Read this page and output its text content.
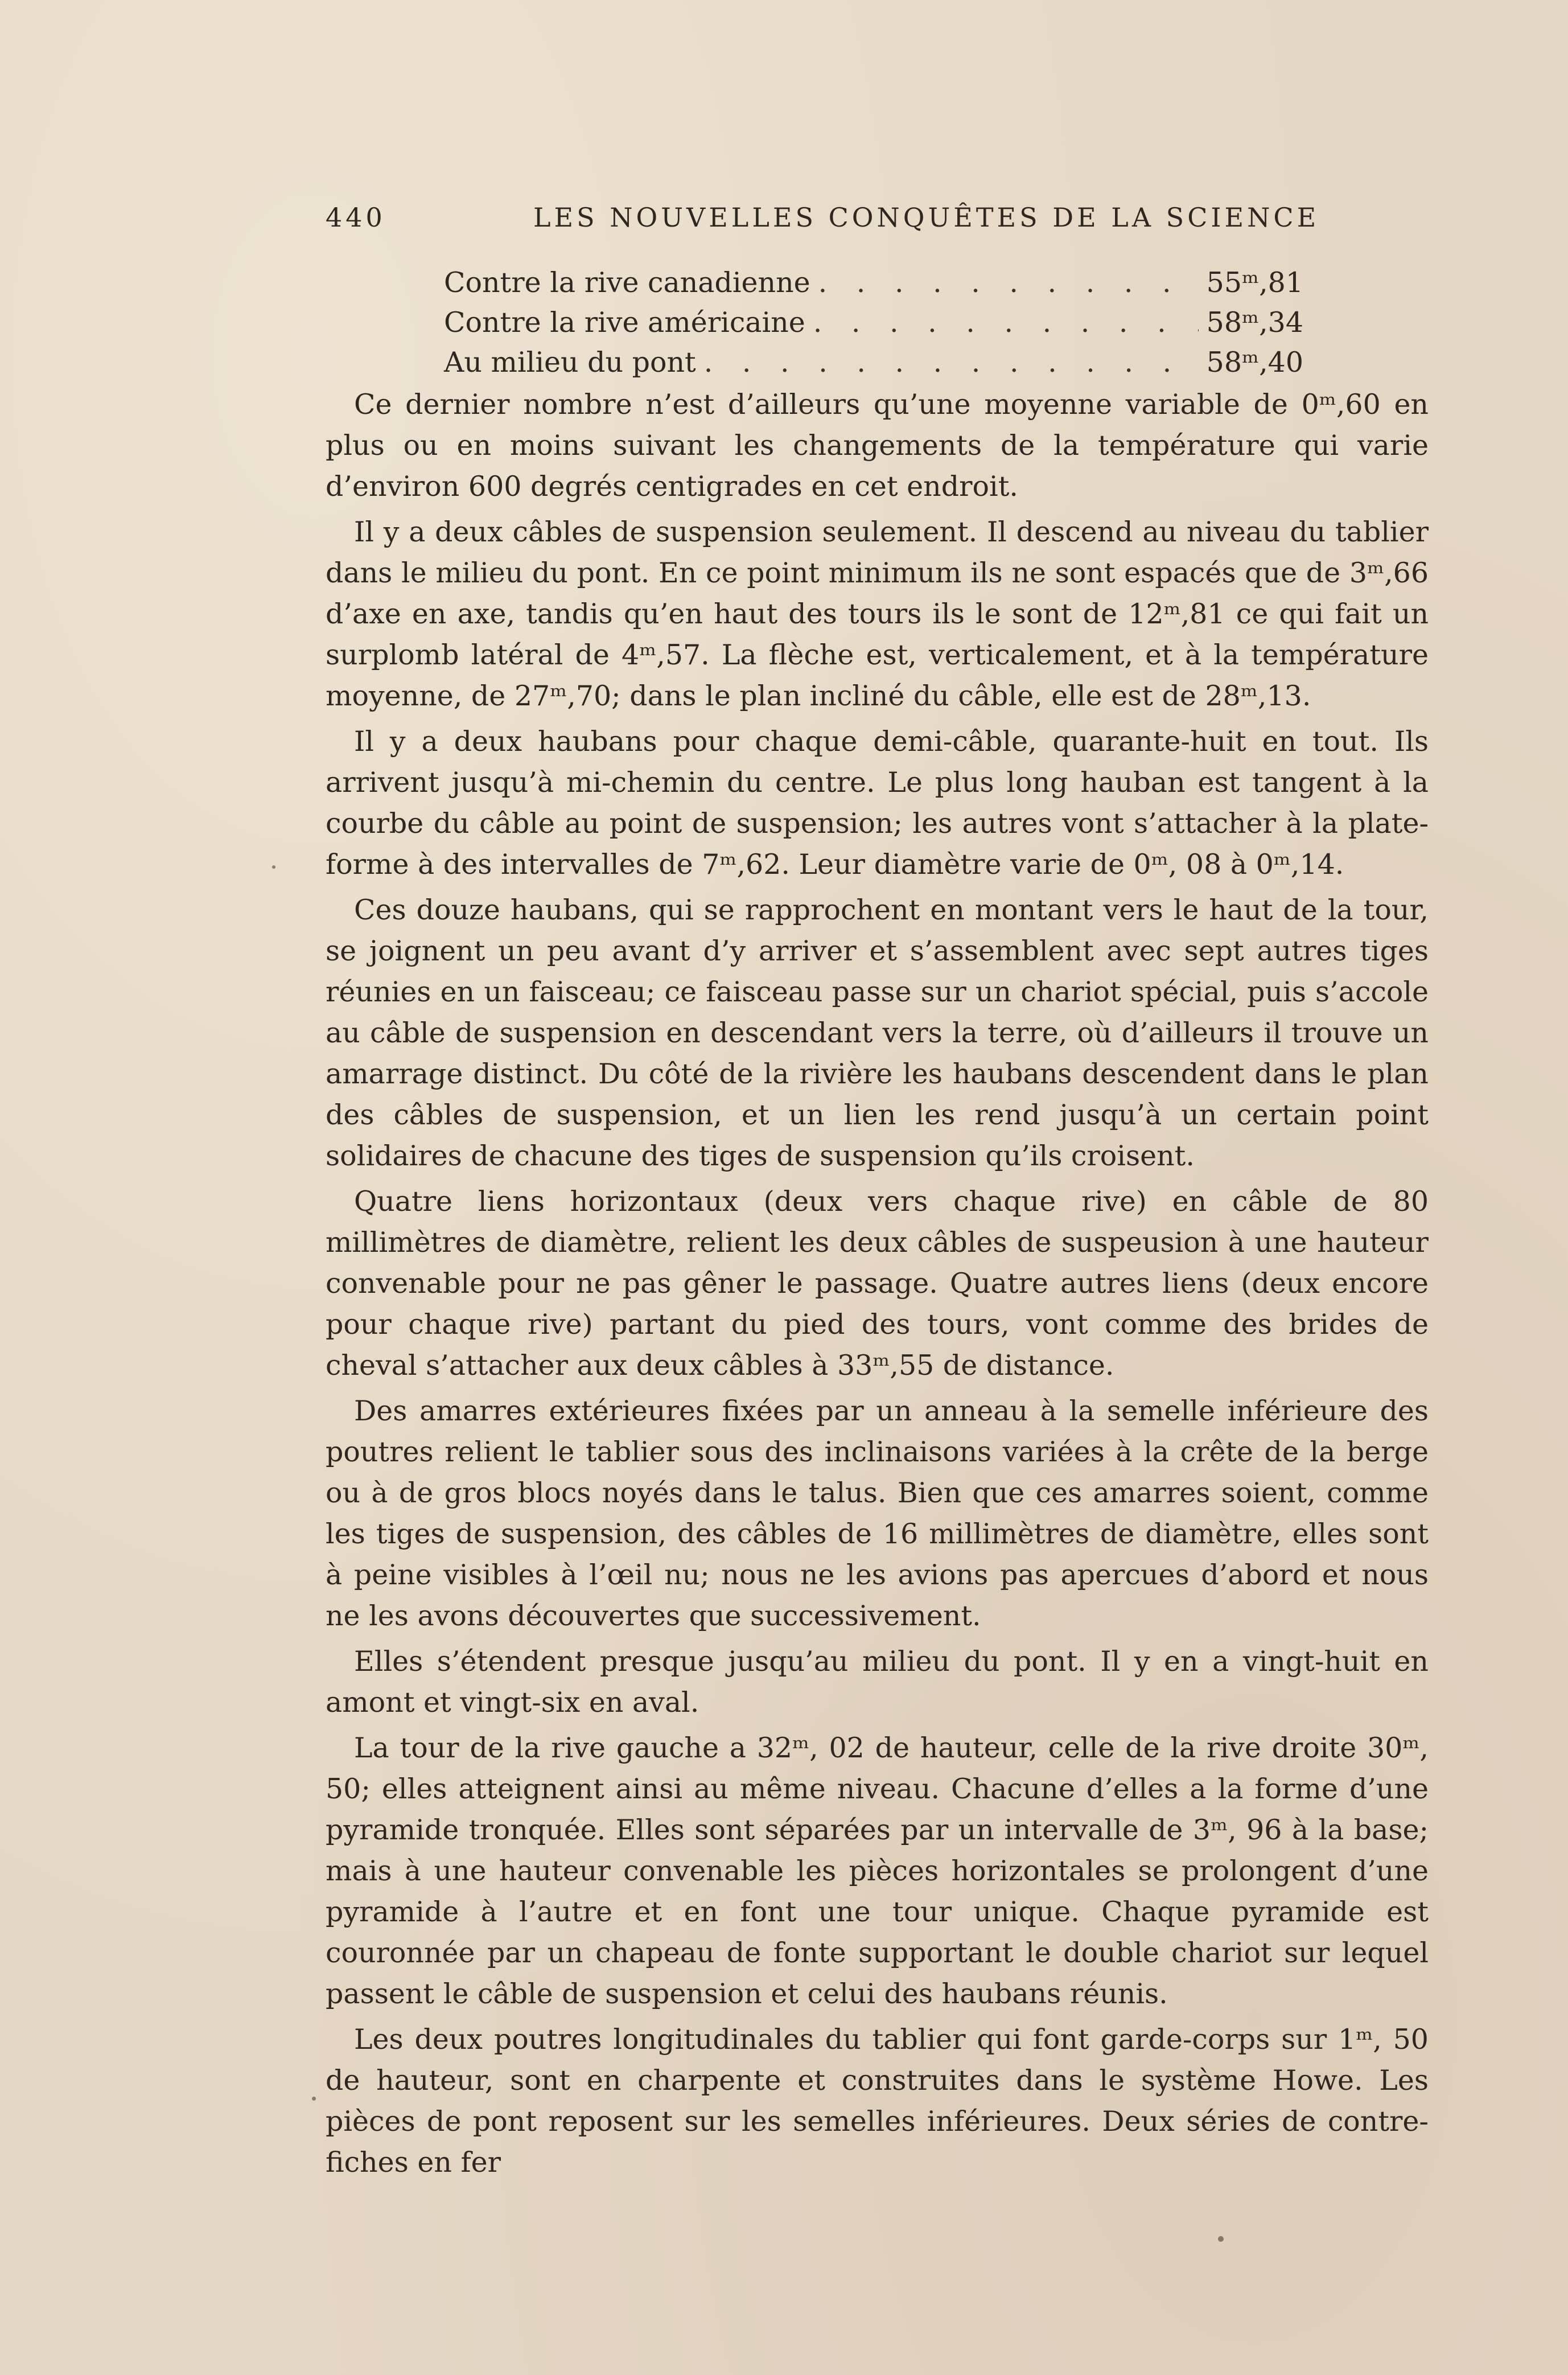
440	LES NOUVELLES CONQUÊTES DE LA SCIENCE
Contre la rive canadienne . . .	55ᵐ,81
Contre la rive américaine . . .	58ᵐ,34
Au milieu du pont . . .	58ᵐ,40

Ce dernier nombre n’est d’ailleurs qu’une moyenne variable de 0ᵐ,60 en plus ou en moins suivant les changements de la température qui varie d’environ 600 degrés centigrades en cet endroit.

Il y a deux câbles de suspension seulement. Il descend au niveau du tablier dans le milieu du pont. En ce point minimum ils ne sont espacés que de 3ᵐ,66 d’axe en axe, tandis qu’en haut des tours ils le sont de 12ᵐ,81 ce qui fait un surplomb latéral de 4ᵐ,57. La flèche est, verticalement, et à la température moyenne, de 27ᵐ,70; dans le plan incliné du câble, elle est de 28ᵐ,13.

Il y a deux haubans pour chaque demi-câble, quarante-huit en tout. Ils arrivent jusqu’à mi-chemin du centre. Le plus long hauban est tangent à la courbe du câble au point de suspension; les autres vont s’attacher à la plate-forme à des intervalles de 7ᵐ,62. Leur diamètre varie de 0ᵐ, 08 à 0ᵐ,14.

Ces douze haubans, qui se rapprochent en montant vers le haut de la tour, se joignent un peu avant d’y arriver et s’assemblent avec sept autres tiges réunies en un faisceau; ce faisceau passe sur un chariot spécial, puis s’accole au câble de suspension en descendant vers la terre, où d’ailleurs il trouve un amarrage distinct. Du côté de la rivière les haubans descendent dans le plan des câbles de suspension, et un lien les rend jusqu’à un certain point solidaires de chacune des tiges de suspension qu’ils croisent.

Quatre liens horizontaux (deux vers chaque rive) en câble de 80 millimètres de diamètre, relient les deux câbles de suspeusion à une hauteur convenable pour ne pas gêner le passage. Quatre autres liens (deux encore pour chaque rive) partant du pied des tours, vont comme des brides de cheval s’attacher aux deux câbles à 33ᵐ,55 de distance.

Des amarres extérieures fixées par un anneau à la semelle inférieure des poutres relient le tablier sous des inclinaisons variées à la crête de la berge ou à de gros blocs noyés dans le talus. Bien que ces amarres soient, comme les tiges de suspension, des câbles de 16 millimètres de diamètre, elles sont à peine visibles à l’œil nu; nous ne les avions pas apercues d’abord et nous ne les avons découvertes que successivement.

Elles s’étendent presque jusqu’au milieu du pont. Il y en a vingt-huit en amont et vingt-six en aval.

La tour de la rive gauche a 32ᵐ, 02 de hauteur, celle de la rive droite 30ᵐ, 50; elles atteignent ainsi au même niveau. Chacune d’elles a la forme d’une pyramide tronquée. Elles sont séparées par un intervalle de 3ᵐ, 96 à la base; mais à une hauteur convenable les pièces horizontales se prolongent d’une pyramide à l’autre et en font une tour unique. Chaque pyramide est couronnée par un chapeau de fonte supportant le double chariot sur lequel passent le câble de suspension et celui des haubans réunis.

Les deux poutres longitudinales du tablier qui font garde-corps sur 1ᵐ, 50 de hauteur, sont en charpente et construites dans le système Howe. Les pièces de pont reposent sur les semelles inférieures. Deux séries de contre-fiches en fer
